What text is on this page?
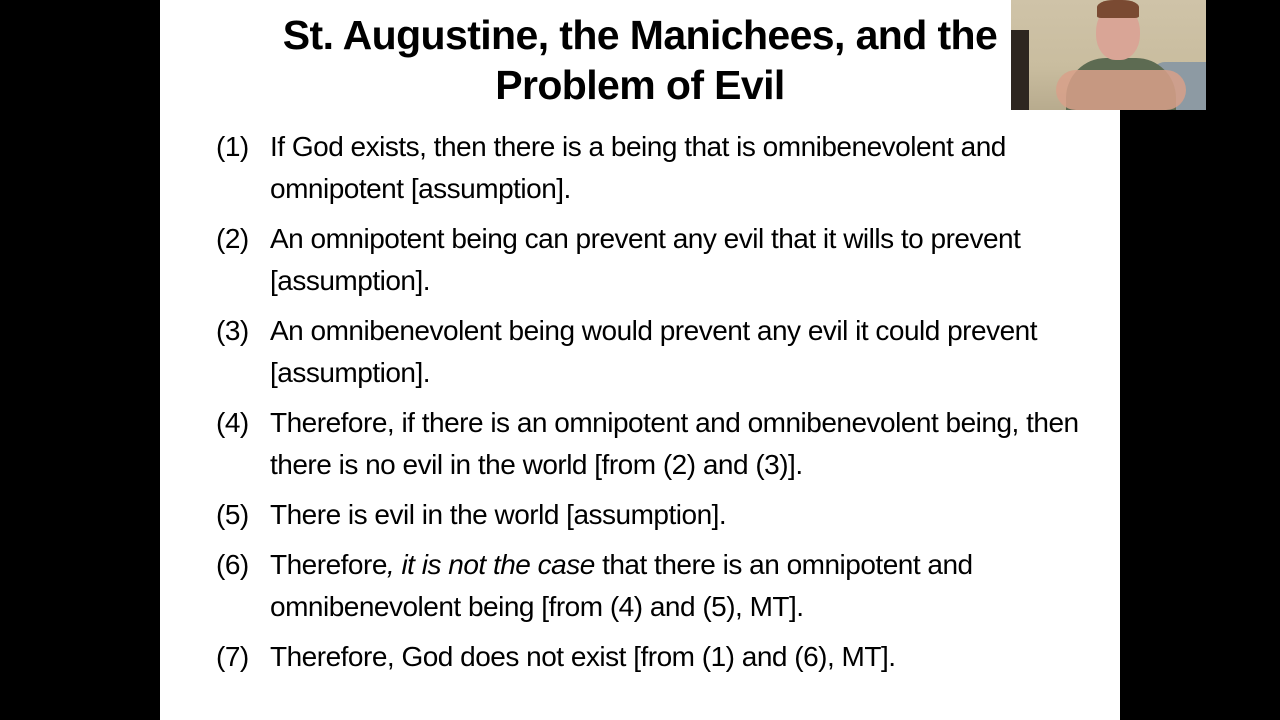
St. Augustine, the Manichees, and the
Problem of Evil
(1) If God exists, then there is a being that is omnibenevolent and omnipotent [assumption].
(2) An omnipotent being can prevent any evil that it wills to prevent [assumption].
(3) An omnibenevolent being would prevent any evil it could prevent [assumption].
(4) Therefore, if there is an omnipotent and omnibenevolent being, then there is no evil in the world [from (2) and (3)].
(5) There is evil in the world [assumption].
(6) Therefore, it is not the case that there is an omnipotent and omnibenevolent being [from (4) and (5), MT].
(7) Therefore, God does not exist [from (1) and (6), MT].
